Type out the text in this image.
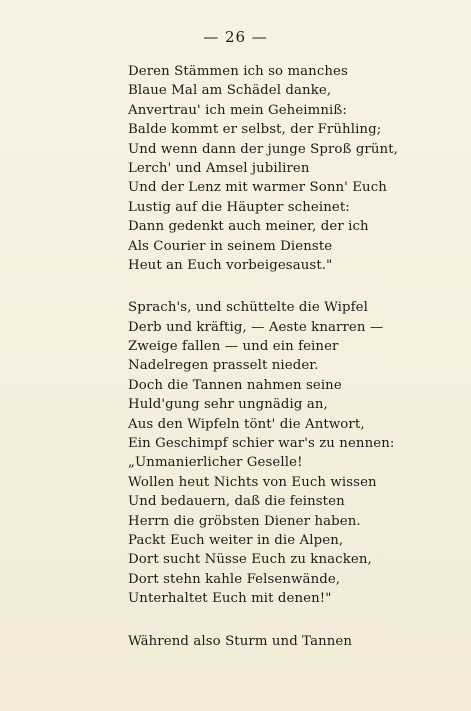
— 26 —
Deren Stämmen ich so manches
Blaue Mal am Schädel danke,
Anvertrau' ich mein Geheimniß:
Balde kommt er selbst, der Frühling;
Und wenn dann der junge Sproß grünt,
Lerch' und Amsel jubiliren
Und der Lenz mit warmer Sonn' Euch
Lustig auf die Häupter scheinet:
Dann gedenkt auch meiner, der ich
Als Courier in seinem Dienste
Heut an Euch vorbeigesaust."
Sprach's, und schüttelte die Wipfel
Derb und kräftig, — Aeste knarren —
Zweige fallen — und ein feiner
Nadelregen prasselt nieder.
Doch die Tannen nahmen seine
Huld'gung sehr ungnädig an,
Aus den Wipfeln tönt' die Antwort,
Ein Geschimpf schier war's zu nennen:
„Unmanierlicher Geselle!
Wollen heut Nichts von Euch wissen
Und bedauern, daß die feinsten
Herrn die gröbsten Diener haben.
Packt Euch weiter in die Alpen,
Dort sucht Nüsse Euch zu knacken,
Dort stehn kahle Felsenwände,
Unterhaltet Euch mit denen!"
Während also Sturm und Tannen
